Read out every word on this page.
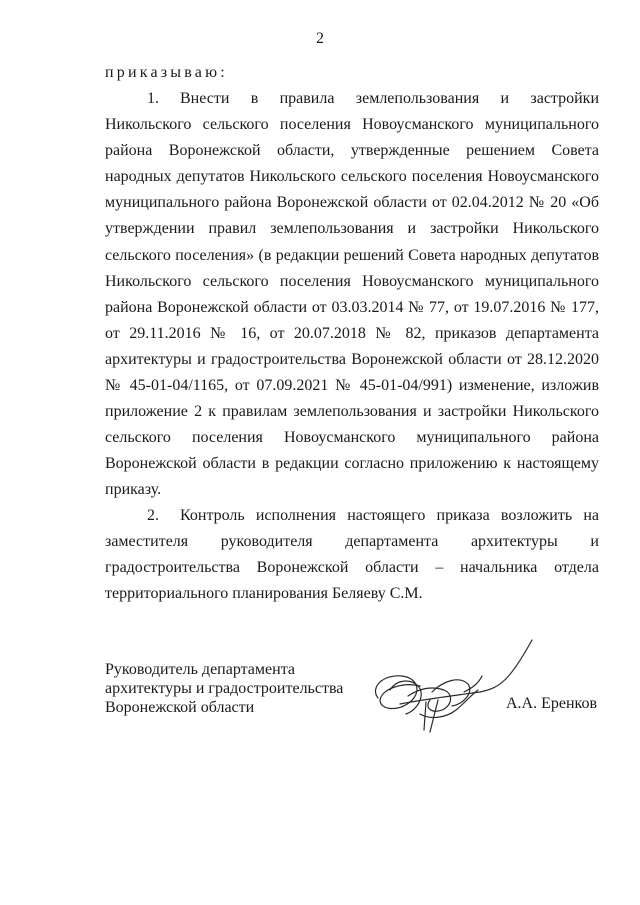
2
приказываю:

1. Внести в правила землепользования и застройки Никольского сельского поселения Новоусманского муниципального района Воронежской области, утвержденные решением Совета народных депутатов Никольского сельского поселения Новоусманского муниципального района Воронежской области от 02.04.2012 № 20 «Об утверждении правил землепользования и застройки Никольского сельского поселения» (в редакции решений Совета народных депутатов Никольского сельского поселения Новоусманского муниципального района Воронежской области от 03.03.2014 № 77, от 19.07.2016 № 177, от 29.11.2016 № 16, от 20.07.2018 № 82, приказов департамента архитектуры и градостроительства Воронежской области от 28.12.2020 № 45-01-04/1165, от 07.09.2021 № 45-01-04/991) изменение, изложив приложение 2 к правилам землепользования и застройки Никольского сельского поселения Новоусманского муниципального района Воронежской области в редакции согласно приложению к настоящему приказу.

2. Контроль исполнения настоящего приказа возложить на заместителя руководителя департамента архитектуры и градостроительства Воронежской области – начальника отдела территориального планирования Беляеву С.М.

Руководитель департамента
архитектуры и градостроительства
Воронежской области	А.А. Еренков
